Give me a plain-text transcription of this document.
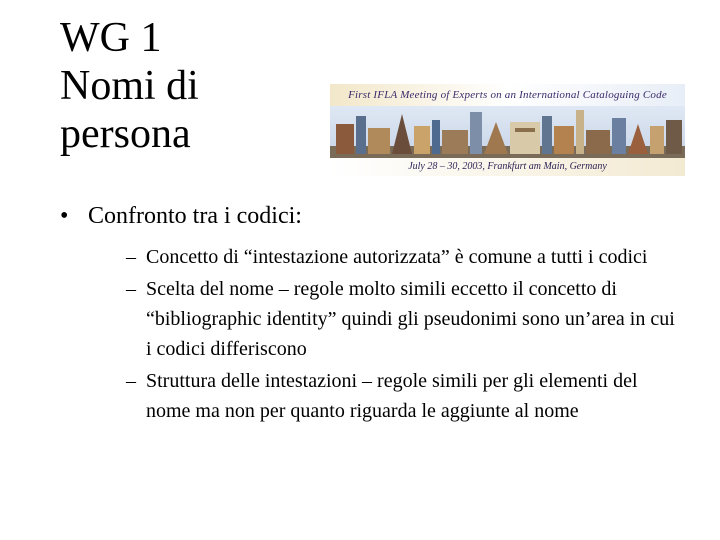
WG 1
Nomi di
persona
First IFLA Meeting of Experts on an International Cataloguing Code
July 28 – 30, 2003, Frankfurt am Main, Germany
• Confronto tra i codici:
– Concetto di “intestazione autorizzata” è comune a tutti i codici
– Scelta del nome – regole molto simili eccetto il concetto di “bibliographic identity” quindi gli pseudonimi sono un’area in cui i codici differiscono
– Struttura delle intestazioni – regole simili per gli elementi del nome ma non per quanto riguarda le aggiunte al nome
